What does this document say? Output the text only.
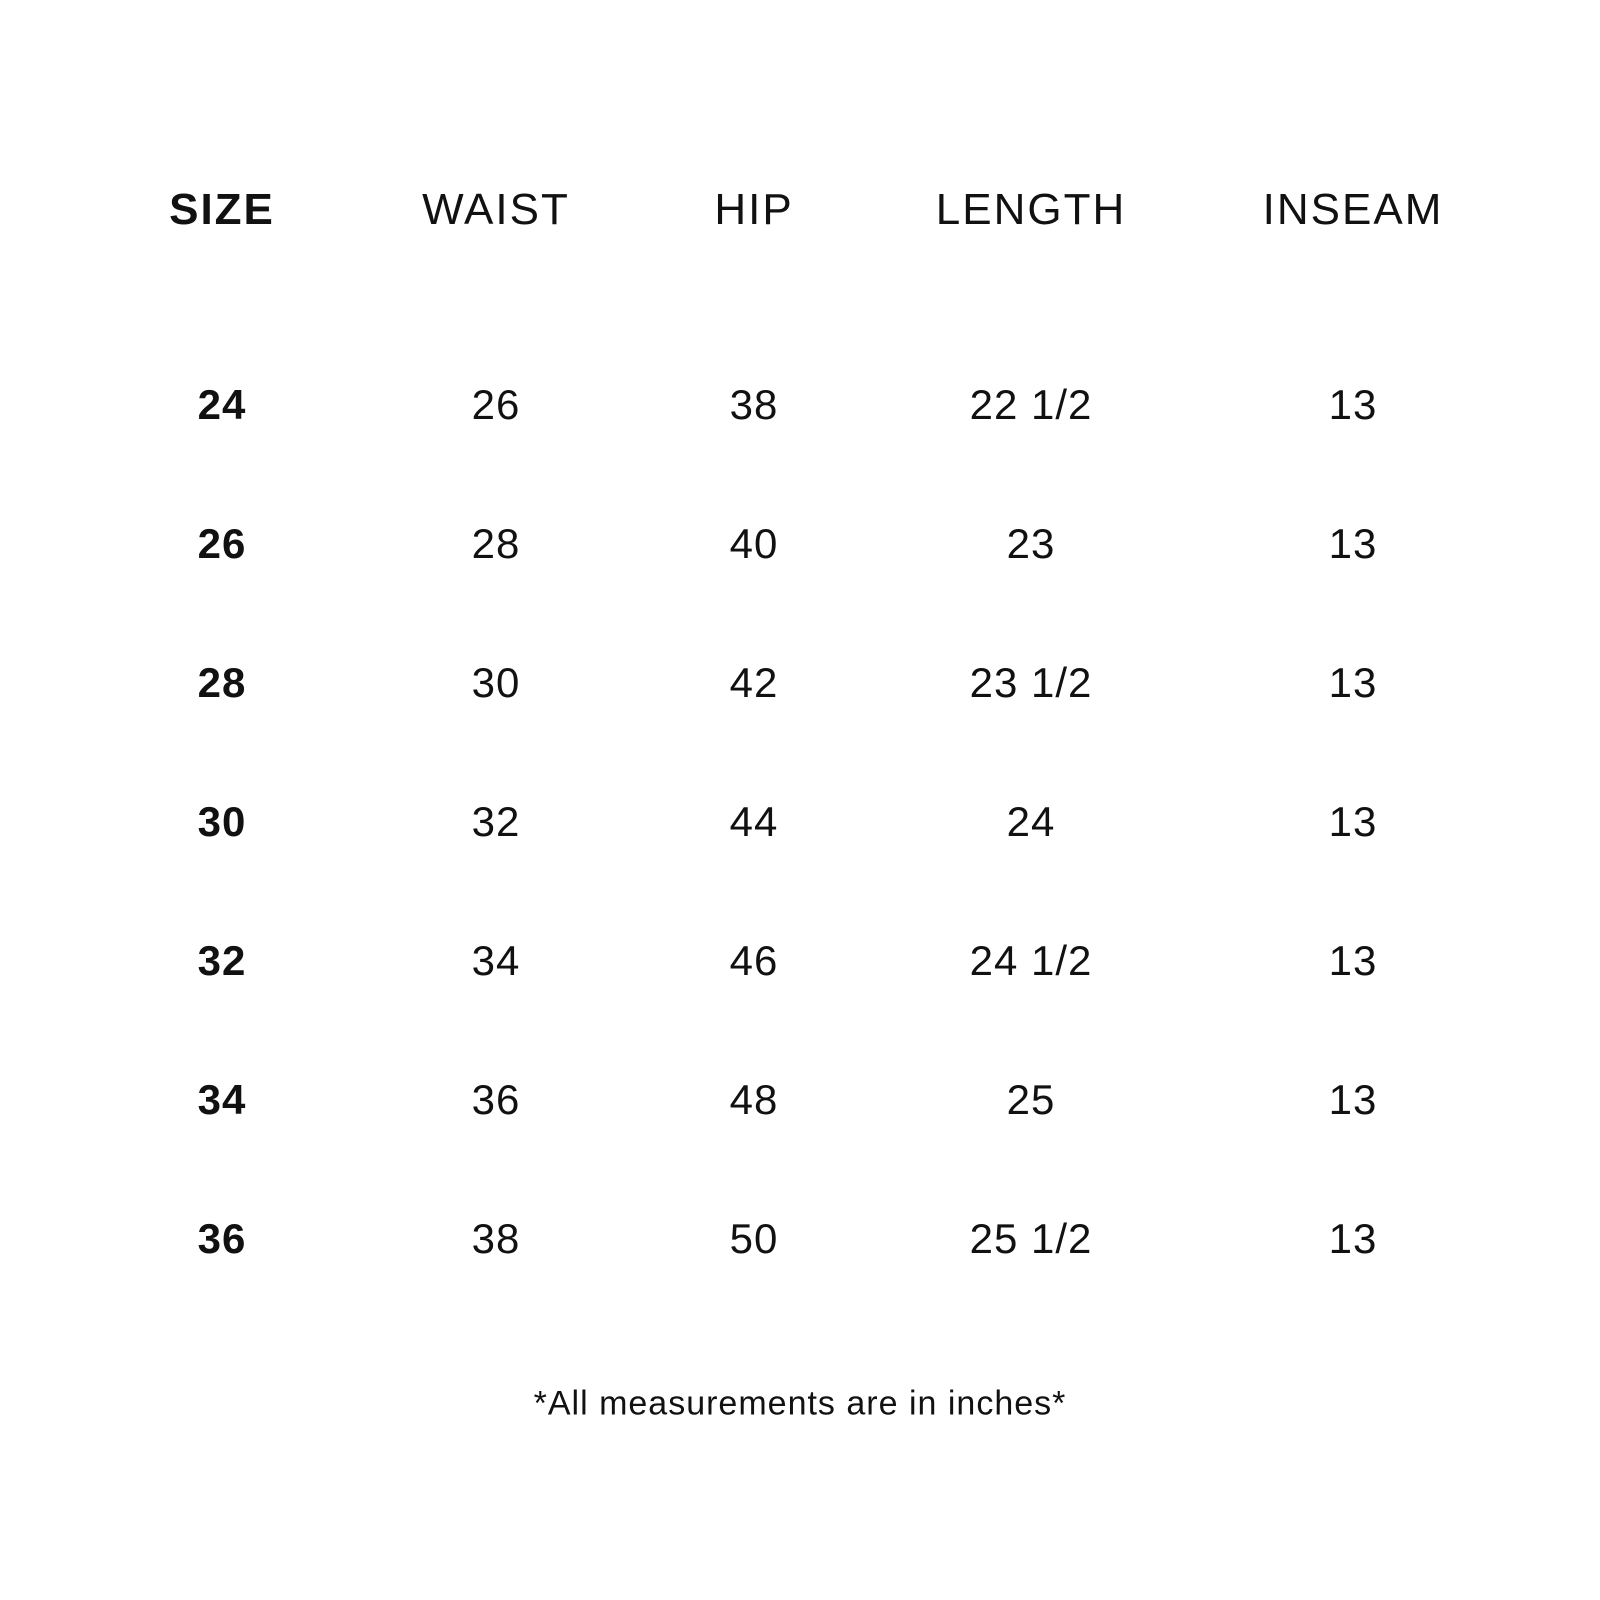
SIZE	WAIST	HIP	LENGTH	INSEAM
24	26	38	22 1/2	13
26	28	40	23	13
28	30	42	23 1/2	13
30	32	44	24	13
32	34	46	24 1/2	13
34	36	48	25	13
36	38	50	25 1/2	13
*All measurements are in inches*
